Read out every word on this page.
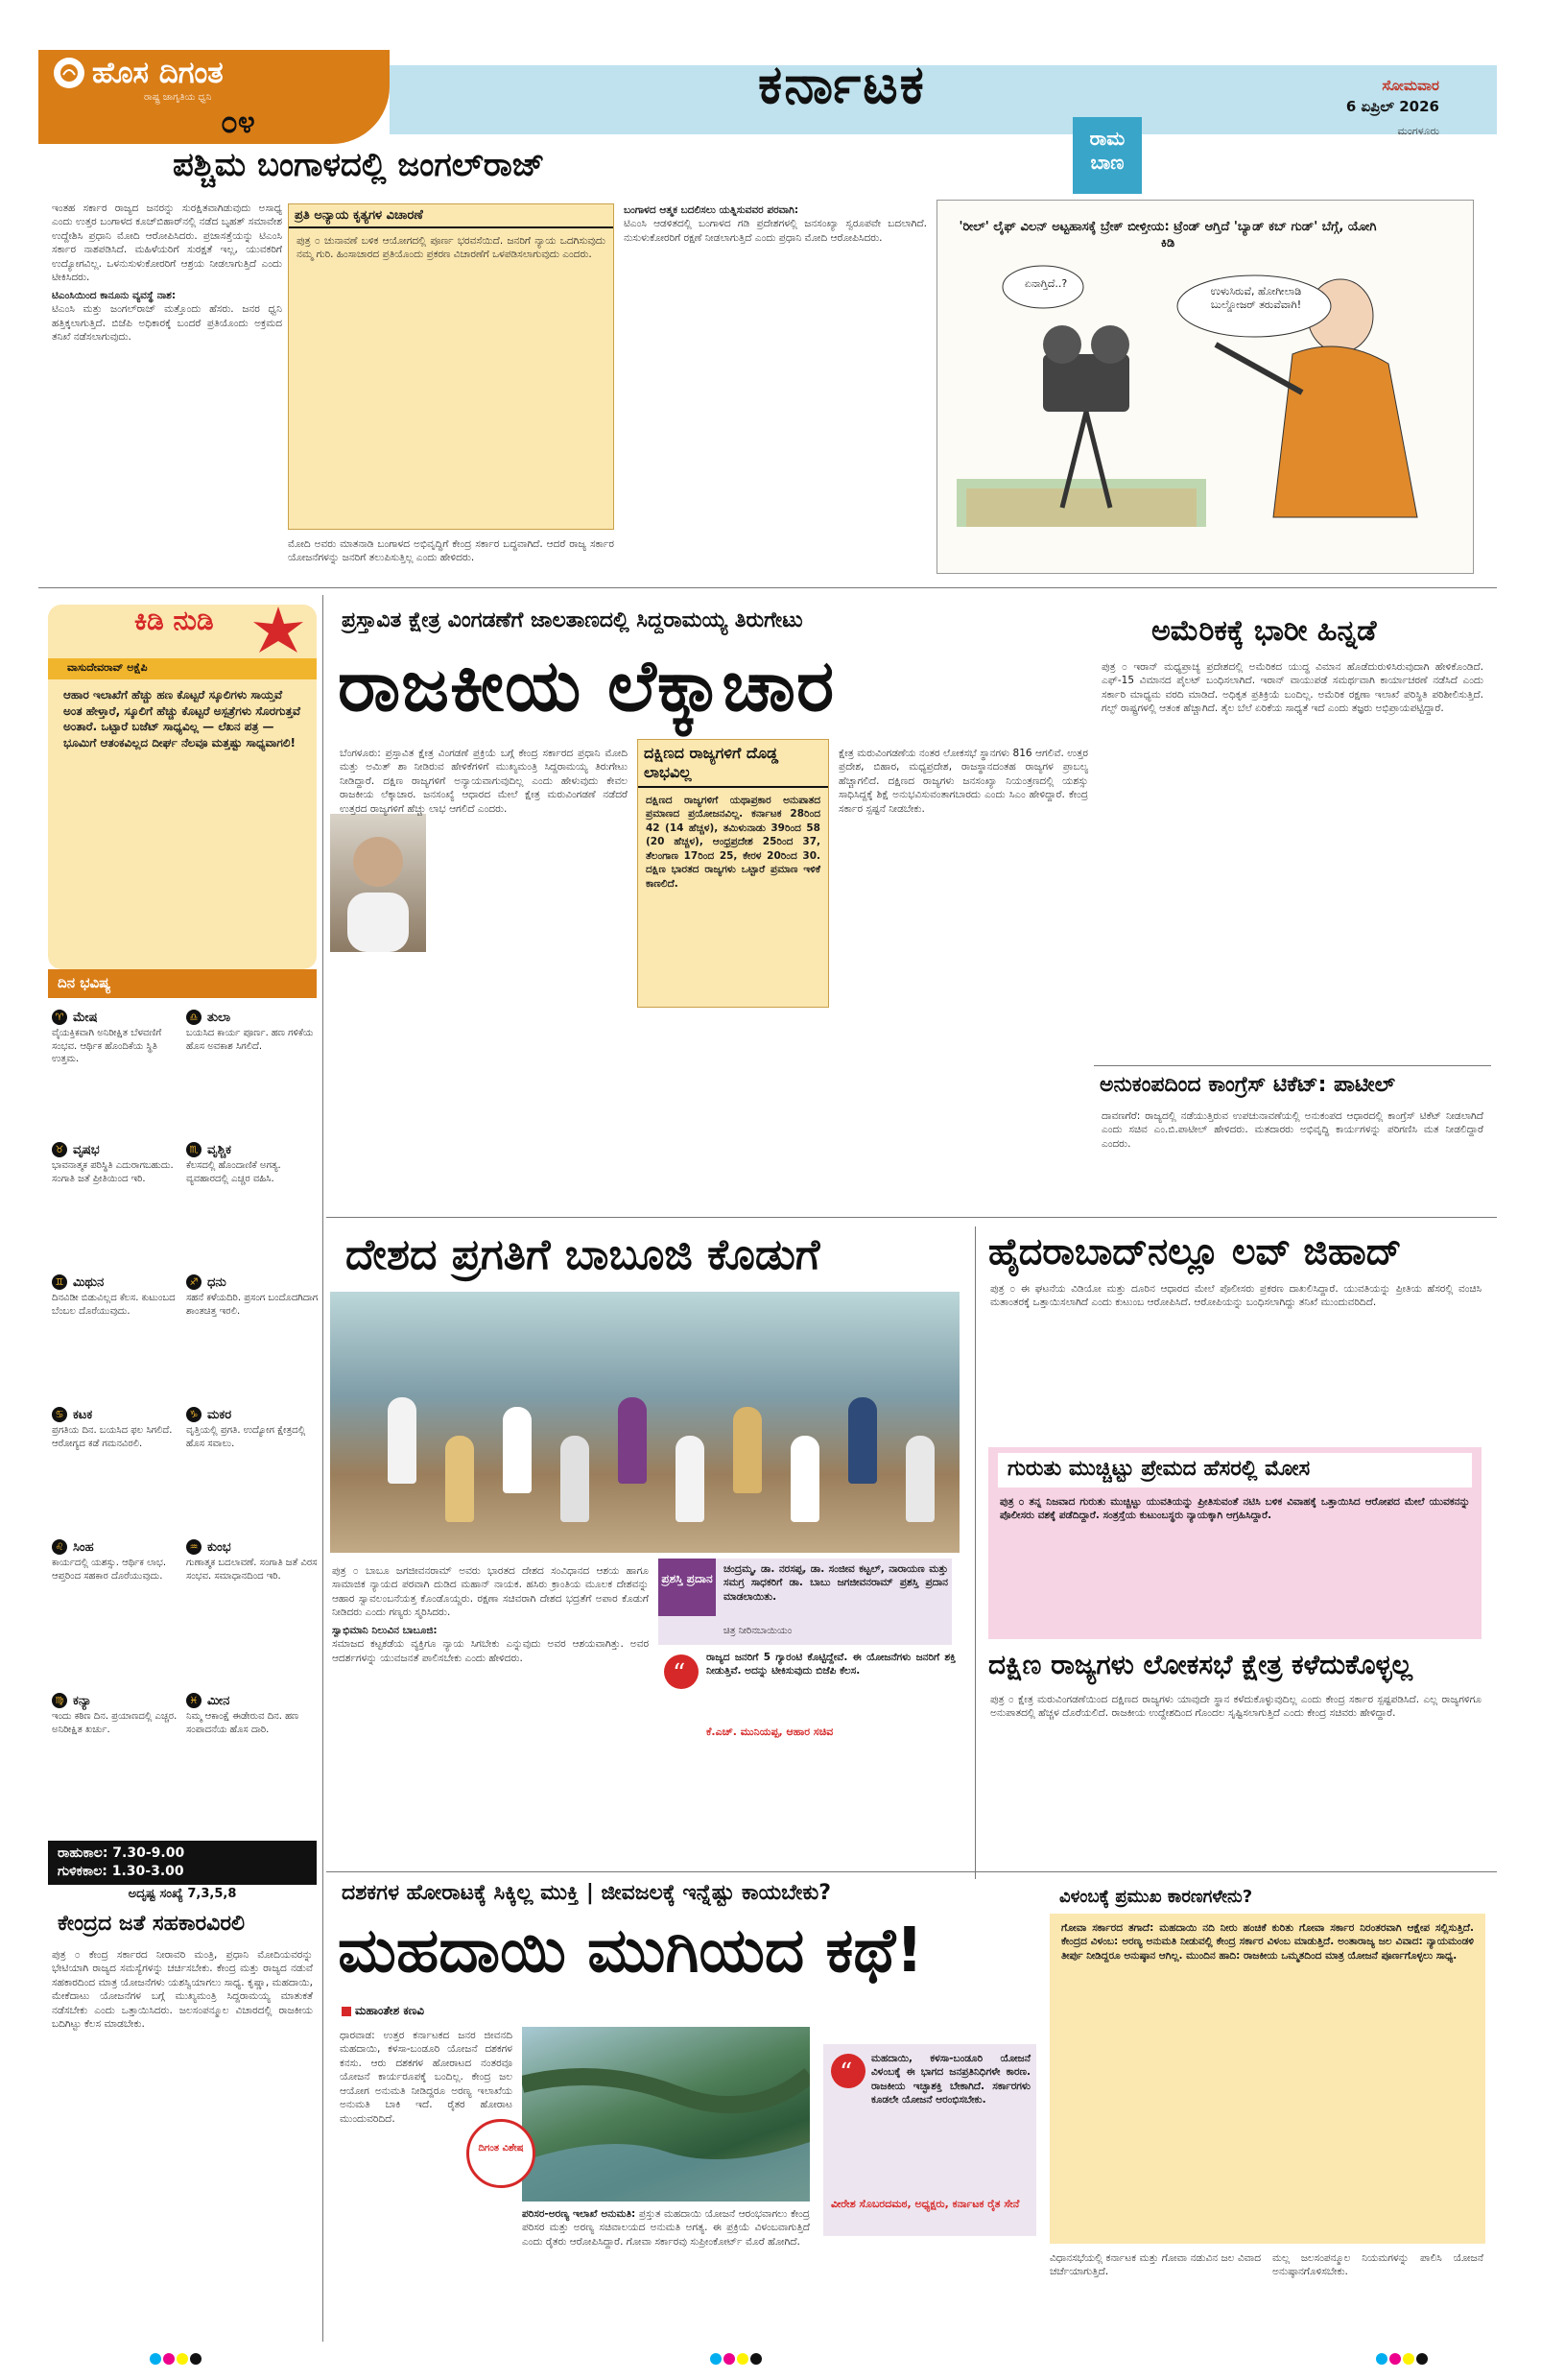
ಹೊಸ ದಿಗಂತ
ರಾಷ್ಟ್ರ ಜಾಗೃತಿಯ ಧ್ವನಿ
೦೪
ಕರ್ನಾಟಕ	ಸೋಮವಾರ
6 ಏಪ್ರಿಲ್ 2026
ಮಂಗಳೂರು
ಪಶ್ಚಿಮ ಬಂಗಾಳದಲ್ಲಿ ಜಂಗಲ್‌ರಾಜ್
ಇಂತಹ ಸರ್ಕಾರ ರಾಜ್ಯದ ಜನರನ್ನು ಸುರಕ್ಷಿತವಾಗಿಡುವುದು ಅಸಾಧ್ಯ ಎಂದು ಉತ್ತರ ಬಂಗಾಳದ ಕೂಚ್‌ಬಿಹಾರ್‌ನಲ್ಲಿ ನಡೆದ ಬೃಹತ್ ಸಮಾವೇಶ ಉದ್ದೇಶಿಸಿ ಪ್ರಧಾನಿ ಮೋದಿ ಆರೋಪಿಸಿದರು. ಪ್ರಜಾಸತ್ತೆಯನ್ನು ಟಿಎಂಸಿ ಸರ್ಕಾರ ನಾಶಪಡಿಸಿದೆ. ಮಹಿಳೆಯರಿಗೆ ಸುರಕ್ಷತೆ ಇಲ್ಲ, ಯುವಕರಿಗೆ ಉದ್ಯೋಗವಿಲ್ಲ. ಒಳನುಸುಳುಕೋರರಿಗೆ ಆಶ್ರಯ ನೀಡಲಾಗುತ್ತಿದೆ ಎಂದು ಟೀಕಿಸಿದರು.
ಟಿಎಂಸಿಯಿಂದ ಕಾನೂನು ವ್ಯವಸ್ಥೆ ನಾಶ:
ಟಿಎಂಸಿ ಮತ್ತು ಜಂಗಲ್‌ರಾಜ್ ಮತ್ತೊಂದು ಹೆಸರು. ಜನರ ಧ್ವನಿ ಹತ್ತಿಕ್ಕಲಾಗುತ್ತಿದೆ. ಬಿಜೆಪಿ ಅಧಿಕಾರಕ್ಕೆ ಬಂದರೆ ಪ್ರತಿಯೊಂದು ಅಕ್ರಮದ ತನಿಖೆ ನಡೆಸಲಾಗುವುದು.
ಪ್ರತಿ ಅನ್ಯಾಯ ಕೃತ್ಯಗಳ ವಿಚಾರಣೆ
ಪುತ್ರ ೦ ಚುನಾವಣೆ ಬಳಿಕ ಆಯೋಗದಲ್ಲಿ ಪೂರ್ಣ ಭರವಸೆಯಿದೆ. ಜನರಿಗೆ ನ್ಯಾಯ ಒದಗಿಸುವುದು ನಮ್ಮ ಗುರಿ. ಹಿಂಸಾಚಾರದ ಪ್ರತಿಯೊಂದು ಪ್ರಕರಣ ವಿಚಾರಣೆಗೆ ಒಳಪಡಿಸಲಾಗುವುದು ಎಂದರು.
ಮೋದಿ ಅವರು ಮಾತನಾಡಿ ಬಂಗಾಳದ ಅಭಿವೃದ್ಧಿಗೆ ಕೇಂದ್ರ ಸರ್ಕಾರ ಬದ್ಧವಾಗಿದೆ. ಆದರೆ ರಾಜ್ಯ ಸರ್ಕಾರ ಯೋಜನೆಗಳನ್ನು ಜನರಿಗೆ ತಲುಪಿಸುತ್ತಿಲ್ಲ ಎಂದು ಹೇಳಿದರು.
ಬಂಗಾಳದ ಆತ್ಮಕ ಬದಲಿಸಲು ಯತ್ನಿಸುವವರ ಪರವಾಗಿ:
ಟಿಎಂಸಿ ಆಡಳಿತದಲ್ಲಿ ಬಂಗಾಳದ ಗಡಿ ಪ್ರದೇಶಗಳಲ್ಲಿ ಜನಸಂಖ್ಯಾ ಸ್ವರೂಪವೇ ಬದಲಾಗಿದೆ. ನುಸುಳುಕೋರರಿಗೆ ರಕ್ಷಣೆ ನೀಡಲಾಗುತ್ತಿದೆ ಎಂದು ಪ್ರಧಾನಿ ಮೋದಿ ಆರೋಪಿಸಿದರು.
ರಾಮ ಬಾಣ
'ರೀಲ್' ಲೈಫ್ ವಿಲನ್ ಅಟ್ಟಹಾಸಕ್ಕೆ ಬ್ರೇಕ್ ಬೀಳ್ತೀಯ: ಟ್ರೆಂಡ್ ಆಗ್ತಿದೆ 'ಬ್ಯಾಡ್ ಕಬ್ ಗುಡ್' ಬೆಗ್ಗೆ, ಯೋಗಿ ಕಿಡಿ
ಏನಾಗ್ತಿದೆ..?
ಉಳುಸಿರುವೆ, ಹೋಗೀಲಾಡಿ ಬುಲ್ಡೋಜರ್ ತರುವೆವಾಗಿ!
ಕಿಡಿ ನುಡಿ
ವಾಸುದೇವರಾವ್ ಅಕ್ಷೆಪಿ
ಆಹಾರ ಇಲಾಖೆಗೆ ಹೆಚ್ಚು ಹಣ ಕೊಟ್ಟರೆ ಸ್ಕೂಲಿಗಳು ಸಾಯ್ತವೆ ಅಂತ ಹೇಳ್ತಾರೆ, ಸ್ಕೂಲಿಗೆ ಹೆಚ್ಚು ಕೊಟ್ಟರೆ ಅಸ್ಪತ್ರೆಗಳು ಸೊರಗುತ್ತವೆ ಅಂತಾರೆ. ಒಟ್ಟಾರೆ ಬಜೆಟ್ ಸಾಧ್ಯವಿಲ್ಲ — ಲೆಖನ ಪತ್ರ — ಭೂಮಿಗೆ ಆತಂಕವಿಲ್ಲದ ದೀರ್ಘ ನೆಲವೂ ಮತ್ತಷ್ಟು ಸಾಧ್ಯವಾಗಲಿ!
ದಿನ ಭವಿಷ್ಯ
♈ ಮೇಷ
ವೈಯಕ್ತಿಕವಾಗಿ ಅನಿರೀಕ್ಷಿತ ಬೆಳವಣಿಗೆ ಸಂಭವ. ಆರ್ಥಿಕ ಹೊಂದಿಕೆಯ ಸ್ಥಿತಿ ಉತ್ತಮ.
♎ ತುಲಾ
ಬಯಸಿದ ಕಾರ್ಯ ಪೂರ್ಣ. ಹಣ ಗಳಿಕೆಯ ಹೊಸ ಅವಕಾಶ ಸಿಗಲಿದೆ.
♉ ವೃಷಭ
ಭಾವನಾತ್ಮಕ ಪರಿಸ್ಥಿತಿ ಎದುರಾಗಬಹುದು. ಸಂಗಾತಿ ಜತೆ ಪ್ರೀತಿಯಿಂದ ಇರಿ.
♏ ವೃಶ್ಚಿಕ
ಕೆಲಸದಲ್ಲಿ ಹೊಂದಾಣಿಕೆ ಅಗತ್ಯ. ವ್ಯವಹಾರದಲ್ಲಿ ಎಚ್ಚರ ವಹಿಸಿ.
♊ ಮಿಥುನ
ದಿನವಿಡೀ ಬಿಡುವಿಲ್ಲದ ಕೆಲಸ. ಕುಟುಂಬದ ಬೆಂಬಲ ದೊರೆಯುವುದು.
♐ ಧನು
ಸಹನೆ ಕಳೆಯದಿರಿ. ಪ್ರಸಂಗ ಬಂದೊದಗಿದಾಗ ಶಾಂತಚಿತ್ತ ಇರಲಿ.
♋ ಕಟಕ
ಪ್ರಗತಿಯ ದಿನ. ಬಯಸಿದ ಫಲ ಸಿಗಲಿದೆ. ಆರೋಗ್ಯದ ಕಡೆ ಗಮನವಿರಲಿ.
♑ ಮಕರ
ವೃತ್ತಿಯಲ್ಲಿ ಪ್ರಗತಿ. ಉದ್ಯೋಗ ಕ್ಷೇತ್ರದಲ್ಲಿ ಹೊಸ ಸವಾಲು.
♌ ಸಿಂಹ
ಕಾರ್ಯದಲ್ಲಿ ಯಶಸ್ಸು. ಆರ್ಥಿಕ ಲಾಭ. ಆಪ್ತರಿಂದ ಸಹಕಾರ ದೊರೆಯುವುದು.
♒ ಕುಂಭ
ಗುಣಾತ್ಮಕ ಬದಲಾವಣೆ. ಸಂಗಾತಿ ಜತೆ ವಿರಸ ಸಂಭವ. ಸಮಾಧಾನದಿಂದ ಇರಿ.
♍ ಕನ್ಯಾ
ಇಂದು ಕಠಿಣ ದಿನ. ಪ್ರಯಾಣದಲ್ಲಿ ಎಚ್ಚರ. ಅನಿರೀಕ್ಷಿತ ಖರ್ಚು.
♓ ಮೀನ
ನಿಮ್ಮ ಆಕಾಂಕ್ಷೆ ಈಡೇರುವ ದಿನ. ಹಣ ಸಂಪಾದನೆಯ ಹೊಸ ದಾರಿ.
ರಾಹುಕಾಲ: 7.30-9.00
ಗುಳಿಕಕಾಲ: 1.30-3.00
ಅದೃಷ್ಟ ಸಂಖ್ಯೆ 7,3,5,8
ಕೇಂದ್ರದ ಜತೆ ಸಹಕಾರವಿರಲಿ
ಪುತ್ರ ೦ ಕೇಂದ್ರ ಸರ್ಕಾರದ ನೀರಾವರಿ ಮಂತ್ರಿ, ಪ್ರಧಾನಿ ಮೋದಿಯವರನ್ನು ಭೇಟಿಯಾಗಿ ರಾಜ್ಯದ ಸಮಸ್ಯೆಗಳನ್ನು ಚರ್ಚಿಸಬೇಕು. ಕೇಂದ್ರ ಮತ್ತು ರಾಜ್ಯದ ನಡುವೆ ಸಹಕಾರದಿಂದ ಮಾತ್ರ ಯೋಜನೆಗಳು ಯಶಸ್ವಿಯಾಗಲು ಸಾಧ್ಯ. ಕೃಷ್ಣಾ, ಮಹದಾಯಿ, ಮೇಕೆದಾಟು ಯೋಜನೆಗಳ ಬಗ್ಗೆ ಮುಖ್ಯಮಂತ್ರಿ ಸಿದ್ದರಾಮಯ್ಯ ಮಾತುಕತೆ ನಡೆಸಬೇಕು ಎಂದು ಒತ್ತಾಯಿಸಿದರು. ಜಲಸಂಪನ್ಮೂಲ ವಿಚಾರದಲ್ಲಿ ರಾಜಕೀಯ ಬದಿಗಿಟ್ಟು ಕೆಲಸ ಮಾಡಬೇಕು.
ಪ್ರಸ್ತಾವಿತ ಕ್ಷೇತ್ರ ವಿಂಗಡಣೆಗೆ ಜಾಲತಾಣದಲ್ಲಿ ಸಿದ್ದರಾಮಯ್ಯ ತಿರುಗೇಟು
ರಾಜಕೀಯ ಲೆಕ್ಕಾಚಾರ
ಬೆಂಗಳೂರು: ಪ್ರಸ್ತಾವಿತ ಕ್ಷೇತ್ರ ವಿಂಗಡಣೆ ಪ್ರಕ್ರಿಯೆ ಬಗ್ಗೆ ಕೇಂದ್ರ ಸರ್ಕಾರದ ಪ್ರಧಾನಿ ಮೋದಿ ಮತ್ತು ಅಮಿತ್ ಶಾ ನೀಡಿರುವ ಹೇಳಿಕೆಗಳಿಗೆ ಮುಖ್ಯಮಂತ್ರಿ ಸಿದ್ದರಾಮಯ್ಯ ತಿರುಗೇಟು ನೀಡಿದ್ದಾರೆ. ದಕ್ಷಿಣ ರಾಜ್ಯಗಳಿಗೆ ಅನ್ಯಾಯವಾಗುವುದಿಲ್ಲ ಎಂದು ಹೇಳುವುದು ಕೇವಲ ರಾಜಕೀಯ ಲೆಕ್ಕಾಚಾರ. ಜನಸಂಖ್ಯೆ ಆಧಾರದ ಮೇಲೆ ಕ್ಷೇತ್ರ ಮರುವಿಂಗಡಣೆ ನಡೆದರೆ ಉತ್ತರದ ರಾಜ್ಯಗಳಿಗೆ ಹೆಚ್ಚು ಲಾಭ ಆಗಲಿದೆ ಎಂದರು.
ದಕ್ಷಿಣದ ರಾಜ್ಯಗಳಿಗೆ ದೊಡ್ಡ ಲಾಭವಿಲ್ಲ
ದಕ್ಷಿಣದ ರಾಜ್ಯಗಳಿಗೆ ಯಥಾಪ್ರಕಾರ ಅನುಪಾತದ ಪ್ರಮಾಣದ ಪ್ರಯೋಜನವಿಲ್ಲ. ಕರ್ನಾಟಕ 28ರಿಂದ 42 (14 ಹೆಚ್ಚಳ), ತಮಿಳುನಾಡು 39ರಿಂದ 58 (20 ಹೆಚ್ಚಳ), ಆಂಧ್ರಪ್ರದೇಶ 25ರಿಂದ 37, ತೆಲಂಗಾಣ 17ರಿಂದ 25, ಕೇರಳ 20ರಿಂದ 30. ದಕ್ಷಿಣ ಭಾರತದ ರಾಜ್ಯಗಳು ಒಟ್ಟಾರೆ ಪ್ರಮಾಣ ಇಳಿಕೆ ಕಾಣಲಿದೆ.
ಕ್ಷೇತ್ರ ಮರುವಿಂಗಡಣೆಯ ನಂತರ ಲೋಕಸಭೆ ಸ್ಥಾನಗಳು 816 ಆಗಲಿವೆ. ಉತ್ತರ ಪ್ರದೇಶ, ಬಿಹಾರ, ಮಧ್ಯಪ್ರದೇಶ, ರಾಜಸ್ಥಾನದಂತಹ ರಾಜ್ಯಗಳ ಪ್ರಾಬಲ್ಯ ಹೆಚ್ಚಾಗಲಿದೆ. ದಕ್ಷಿಣದ ರಾಜ್ಯಗಳು ಜನಸಂಖ್ಯಾ ನಿಯಂತ್ರಣದಲ್ಲಿ ಯಶಸ್ಸು ಸಾಧಿಸಿದ್ದಕ್ಕೆ ಶಿಕ್ಷೆ ಅನುಭವಿಸುವಂತಾಗಬಾರದು ಎಂದು ಸಿಎಂ ಹೇಳಿದ್ದಾರೆ. ಕೇಂದ್ರ ಸರ್ಕಾರ ಸ್ಪಷ್ಟನೆ ನೀಡಬೇಕು.
ಅಮೆರಿಕಕ್ಕೆ ಭಾರೀ ಹಿನ್ನಡೆ
ಪುತ್ರ ೦ ಇರಾನ್ ಮಧ್ಯಪ್ರಾಚ್ಯ ಪ್ರದೇಶದಲ್ಲಿ ಅಮೆರಿಕದ ಯುದ್ಧ ವಿಮಾನ ಹೊಡೆದುರುಳಿಸಿರುವುದಾಗಿ ಹೇಳಿಕೊಂಡಿದೆ. ಎಫ್-15 ವಿಮಾನದ ಪೈಲಟ್ ಬಂಧಿಸಲಾಗಿದೆ. ಇರಾನ್ ವಾಯುಪಡೆ ಸಮರ್ಥವಾಗಿ ಕಾರ್ಯಾಚರಣೆ ನಡೆಸಿದೆ ಎಂದು ಸರ್ಕಾರಿ ಮಾಧ್ಯಮ ವರದಿ ಮಾಡಿದೆ. ಅಧಿಕೃತ ಪ್ರತಿಕ್ರಿಯೆ ಬಂದಿಲ್ಲ. ಅಮೆರಿಕ ರಕ್ಷಣಾ ಇಲಾಖೆ ಪರಿಸ್ಥಿತಿ ಪರಿಶೀಲಿಸುತ್ತಿದೆ. ಗಲ್ಫ್ ರಾಷ್ಟ್ರಗಳಲ್ಲಿ ಆತಂಕ ಹೆಚ್ಚಾಗಿದೆ. ತೈಲ ಬೆಲೆ ಏರಿಕೆಯ ಸಾಧ್ಯತೆ ಇದೆ ಎಂದು ತಜ್ಞರು ಅಭಿಪ್ರಾಯಪಟ್ಟಿದ್ದಾರೆ.
ಅನುಕಂಪದಿಂದ ಕಾಂಗ್ರೆಸ್ ಟಿಕೆಟ್: ಪಾಟೀಲ್
ದಾವಣಗೆರೆ: ರಾಜ್ಯದಲ್ಲಿ ನಡೆಯುತ್ತಿರುವ ಉಪಚುನಾವಣೆಯಲ್ಲಿ ಅನುಕಂಪದ ಆಧಾರದಲ್ಲಿ ಕಾಂಗ್ರೆಸ್ ಟಿಕೆಟ್ ನೀಡಲಾಗಿದೆ ಎಂದು ಸಚಿವ ಎಂ.ಬಿ.ಪಾಟೀಲ್ ಹೇಳಿದರು. ಮತದಾರರು ಅಭಿವೃದ್ಧಿ ಕಾರ್ಯಗಳನ್ನು ಪರಿಗಣಿಸಿ ಮತ ನೀಡಲಿದ್ದಾರೆ ಎಂದರು.
ದೇಶದ ಪ್ರಗತಿಗೆ ಬಾಬೂಜಿ ಕೊಡುಗೆ
ಪುತ್ರ ೦ ಬಾಬೂ ಜಗಜೀವನರಾಮ್ ಅವರು ಭಾರತದ ದೇಶದ ಸಂವಿಧಾನದ ಆಶಯ ಹಾಗೂ ಸಾಮಾಜಿಕ ನ್ಯಾಯದ ಪರವಾಗಿ ದುಡಿದ ಮಹಾನ್ ನಾಯಕ. ಹಸಿರು ಕ್ರಾಂತಿಯ ಮೂಲಕ ದೇಶವನ್ನು ಆಹಾರ ಸ್ವಾವಲಂಬನೆಯತ್ತ ಕೊಂಡೊಯ್ದರು. ರಕ್ಷಣಾ ಸಚಿವರಾಗಿ ದೇಶದ ಭದ್ರತೆಗೆ ಅಪಾರ ಕೊಡುಗೆ ನೀಡಿದರು ಎಂದು ಗಣ್ಯರು ಸ್ಮರಿಸಿದರು.
ಸ್ವಾಭಿಮಾನಿ ನಿಲುವಿನ ಬಾಬೂಜಿ:
ಸಮಾಜದ ಕಟ್ಟಕಡೆಯ ವ್ಯಕ್ತಿಗೂ ನ್ಯಾಯ ಸಿಗಬೇಕು ಎನ್ನುವುದು ಅವರ ಆಶಯವಾಗಿತ್ತು. ಅವರ ಆದರ್ಶಗಳನ್ನು ಯುವಜನತೆ ಪಾಲಿಸಬೇಕು ಎಂದು ಹೇಳಿದರು.
ಪ್ರಶಸ್ತಿ ಪ್ರದಾನ
ಚಂದ್ರಮ್ಮ, ಡಾ. ನರಸಪ್ಪ, ಡಾ. ಸಂಜೀವ ಕಟ್ಟಲ್, ನಾರಾಯಣ ಮತ್ತು ಸಮಗ್ರ ಸಾಧಕರಿಗೆ ಡಾ. ಬಾಬು ಜಗಜೀವನರಾಮ್ ಪ್ರಶಸ್ತಿ ಪ್ರದಾನ ಮಾಡಲಾಯಿತು.
ಚಿತ್ರ ನೀರಿನಬಾಯಿಯಂ
ಹೈದರಾಬಾದ್‌ನಲ್ಲೂ ಲವ್ ಜಿಹಾದ್
ಪುತ್ರ ೦ ಈ ಘಟನೆಯ ವಿಡಿಯೋ ಮತ್ತು ದೂರಿನ ಆಧಾರದ ಮೇಲೆ ಪೊಲೀಸರು ಪ್ರಕರಣ ದಾಖಲಿಸಿದ್ದಾರೆ. ಯುವತಿಯನ್ನು ಪ್ರೀತಿಯ ಹೆಸರಲ್ಲಿ ವಂಚಿಸಿ ಮತಾಂತರಕ್ಕೆ ಒತ್ತಾಯಿಸಲಾಗಿದೆ ಎಂದು ಕುಟುಂಬ ಆರೋಪಿಸಿದೆ. ಆರೋಪಿಯನ್ನು ಬಂಧಿಸಲಾಗಿದ್ದು ತನಿಖೆ ಮುಂದುವರಿದಿದೆ.
ಗುರುತು ಮುಚ್ಚಿಟ್ಟು ಪ್ರೇಮದ ಹೆಸರಲ್ಲಿ ಮೋಸ
ಪುತ್ರ ೦ ತನ್ನ ನಿಜವಾದ ಗುರುತು ಮುಚ್ಚಿಟ್ಟು ಯುವತಿಯನ್ನು ಪ್ರೀತಿಸುವಂತೆ ನಟಿಸಿ ಬಳಿಕ ವಿವಾಹಕ್ಕೆ ಒತ್ತಾಯಿಸಿದ ಆರೋಪದ ಮೇಲೆ ಯುವಕನನ್ನು ಪೊಲೀಸರು ವಶಕ್ಕೆ ಪಡೆದಿದ್ದಾರೆ. ಸಂತ್ರಸ್ತೆಯ ಕುಟುಂಬಸ್ಥರು ನ್ಯಾಯಕ್ಕಾಗಿ ಆಗ್ರಹಿಸಿದ್ದಾರೆ.
ದಕ್ಷಿಣ ರಾಜ್ಯಗಳು ಲೋಕಸಭೆ ಕ್ಷೇತ್ರ ಕಳೆದುಕೊಳ್ಳಲ್ಲ
ಪುತ್ರ ೦ ಕ್ಷೇತ್ರ ಮರುವಿಂಗಡಣೆಯಿಂದ ದಕ್ಷಿಣದ ರಾಜ್ಯಗಳು ಯಾವುದೇ ಸ್ಥಾನ ಕಳೆದುಕೊಳ್ಳುವುದಿಲ್ಲ ಎಂದು ಕೇಂದ್ರ ಸರ್ಕಾರ ಸ್ಪಷ್ಟಪಡಿಸಿದೆ. ಎಲ್ಲ ರಾಜ್ಯಗಳಿಗೂ ಅನುಪಾತದಲ್ಲಿ ಹೆಚ್ಚಳ ದೊರೆಯಲಿದೆ. ರಾಜಕೀಯ ಉದ್ದೇಶದಿಂದ ಗೊಂದಲ ಸೃಷ್ಟಿಸಲಾಗುತ್ತಿದೆ ಎಂದು ಕೇಂದ್ರ ಸಚಿವರು ಹೇಳಿದ್ದಾರೆ.
“
ರಾಜ್ಯದ ಜನರಿಗೆ 5 ಗ್ಯಾರಂಟಿ ಕೊಟ್ಟಿದ್ದೇವೆ. ಈ ಯೋಜನೆಗಳು ಜನರಿಗೆ ಶಕ್ತಿ ನೀಡುತ್ತಿವೆ. ಅದನ್ನು ಟೀಕಿಸುವುದು ಬಿಜೆಪಿ ಕೆಲಸ.
ಕೆ.ಎಚ್. ಮುನಿಯಪ್ಪ, ಆಹಾರ ಸಚಿವ
ದಶಕಗಳ ಹೋರಾಟಕ್ಕೆ ಸಿಕ್ಕಿಲ್ಲ ಮುಕ್ತಿ | ಜೀವಜಲಕ್ಕೆ ಇನ್ನೆಷ್ಟು ಕಾಯಬೇಕು?
ಮಹದಾಯಿ ಮುಗಿಯದ ಕಥೆ!
ಮಹಾಂತೇಶ ಕಣವಿ
ಧಾರವಾಡ: ಉತ್ತರ ಕರ್ನಾಟಕದ ಜನರ ಜೀವನದಿ ಮಹದಾಯಿ, ಕಳಸಾ-ಬಂಡೂರಿ ಯೋಜನೆ ದಶಕಗಳ ಕನಸು. ಆರು ದಶಕಗಳ ಹೋರಾಟದ ನಂತರವೂ ಯೋಜನೆ ಕಾರ್ಯರೂಪಕ್ಕೆ ಬಂದಿಲ್ಲ. ಕೇಂದ್ರ ಜಲ ಆಯೋಗ ಅನುಮತಿ ನೀಡಿದ್ದರೂ ಅರಣ್ಯ ಇಲಾಖೆಯ ಅನುಮತಿ ಬಾಕಿ ಇದೆ. ರೈತರ ಹೋರಾಟ ಮುಂದುವರಿದಿದೆ.
ದಿಗಂತ ವಿಶೇಷ
ಪರಿಸರ-ಅರಣ್ಯ ಇಲಾಖೆ ಅನುಮತಿ: ಪ್ರಸ್ತುತ ಮಹದಾಯಿ ಯೋಜನೆ ಆರಂಭವಾಗಲು ಕೇಂದ್ರ ಪರಿಸರ ಮತ್ತು ಅರಣ್ಯ ಸಚಿವಾಲಯದ ಅನುಮತಿ ಅಗತ್ಯ. ಈ ಪ್ರಕ್ರಿಯೆ ವಿಳಂಬವಾಗುತ್ತಿದೆ ಎಂದು ರೈತರು ಆರೋಪಿಸಿದ್ದಾರೆ. ಗೋವಾ ಸರ್ಕಾರವು ಸುಪ್ರೀಂಕೋರ್ಟ್ ಮೊರೆ ಹೋಗಿದೆ.
“ ಮಹದಾಯಿ, ಕಳಸಾ-ಬಂಡೂರಿ ಯೋಜನೆ ವಿಳಂಬಕ್ಕೆ ಈ ಭಾಗದ ಜನಪ್ರತಿನಿಧಿಗಳೇ ಕಾರಣ. ರಾಜಕೀಯ ಇಚ್ಛಾಶಕ್ತಿ ಬೇಕಾಗಿದೆ. ಸರ್ಕಾರಗಳು ಕೂಡಲೇ ಯೋಜನೆ ಆರಂಭಿಸಬೇಕು.
ವೀರೇಶ ಸೊಬರದಮಠ, ಅಧ್ಯಕ್ಷರು, ಕರ್ನಾಟಕ ರೈತ ಸೇನೆ
ವಿಳಂಬಕ್ಕೆ ಪ್ರಮುಖ ಕಾರಣಗಳೇನು?
ಗೋವಾ ಸರ್ಕಾರದ ತಗಾದೆ: ಮಹದಾಯಿ ನದಿ ನೀರು ಹಂಚಿಕೆ ಕುರಿತು ಗೋವಾ ಸರ್ಕಾರ ನಿರಂತರವಾಗಿ ಆಕ್ಷೇಪ ಸಲ್ಲಿಸುತ್ತಿದೆ. ಕೇಂದ್ರದ ವಿಳಂಬ: ಅರಣ್ಯ ಅನುಮತಿ ನೀಡುವಲ್ಲಿ ಕೇಂದ್ರ ಸರ್ಕಾರ ವಿಳಂಬ ಮಾಡುತ್ತಿದೆ. ಅಂತಾರಾಜ್ಯ ಜಲ ವಿವಾದ: ನ್ಯಾಯಮಂಡಳಿ ತೀರ್ಪು ನೀಡಿದ್ದರೂ ಅನುಷ್ಠಾನ ಆಗಿಲ್ಲ. ಮುಂದಿನ ಹಾದಿ: ರಾಜಕೀಯ ಒಮ್ಮತದಿಂದ ಮಾತ್ರ ಯೋಜನೆ ಪೂರ್ಣಗೊಳ್ಳಲು ಸಾಧ್ಯ.
ವಿಧಾನಸಭೆಯಲ್ಲಿ ಕರ್ನಾಟಕ ಮತ್ತು ಗೋವಾ ನಡುವಿನ ಜಲ ವಿವಾದ ಚರ್ಚೆಯಾಗುತ್ತಿದೆ.
ಮಲ್ಲ ಜಲಸಂಪನ್ಮೂಲ ನಿಯಮಗಳನ್ನು ಪಾಲಿಸಿ ಯೋಜನೆ ಅನುಷ್ಠಾನಗೊಳಿಸಬೇಕು.
